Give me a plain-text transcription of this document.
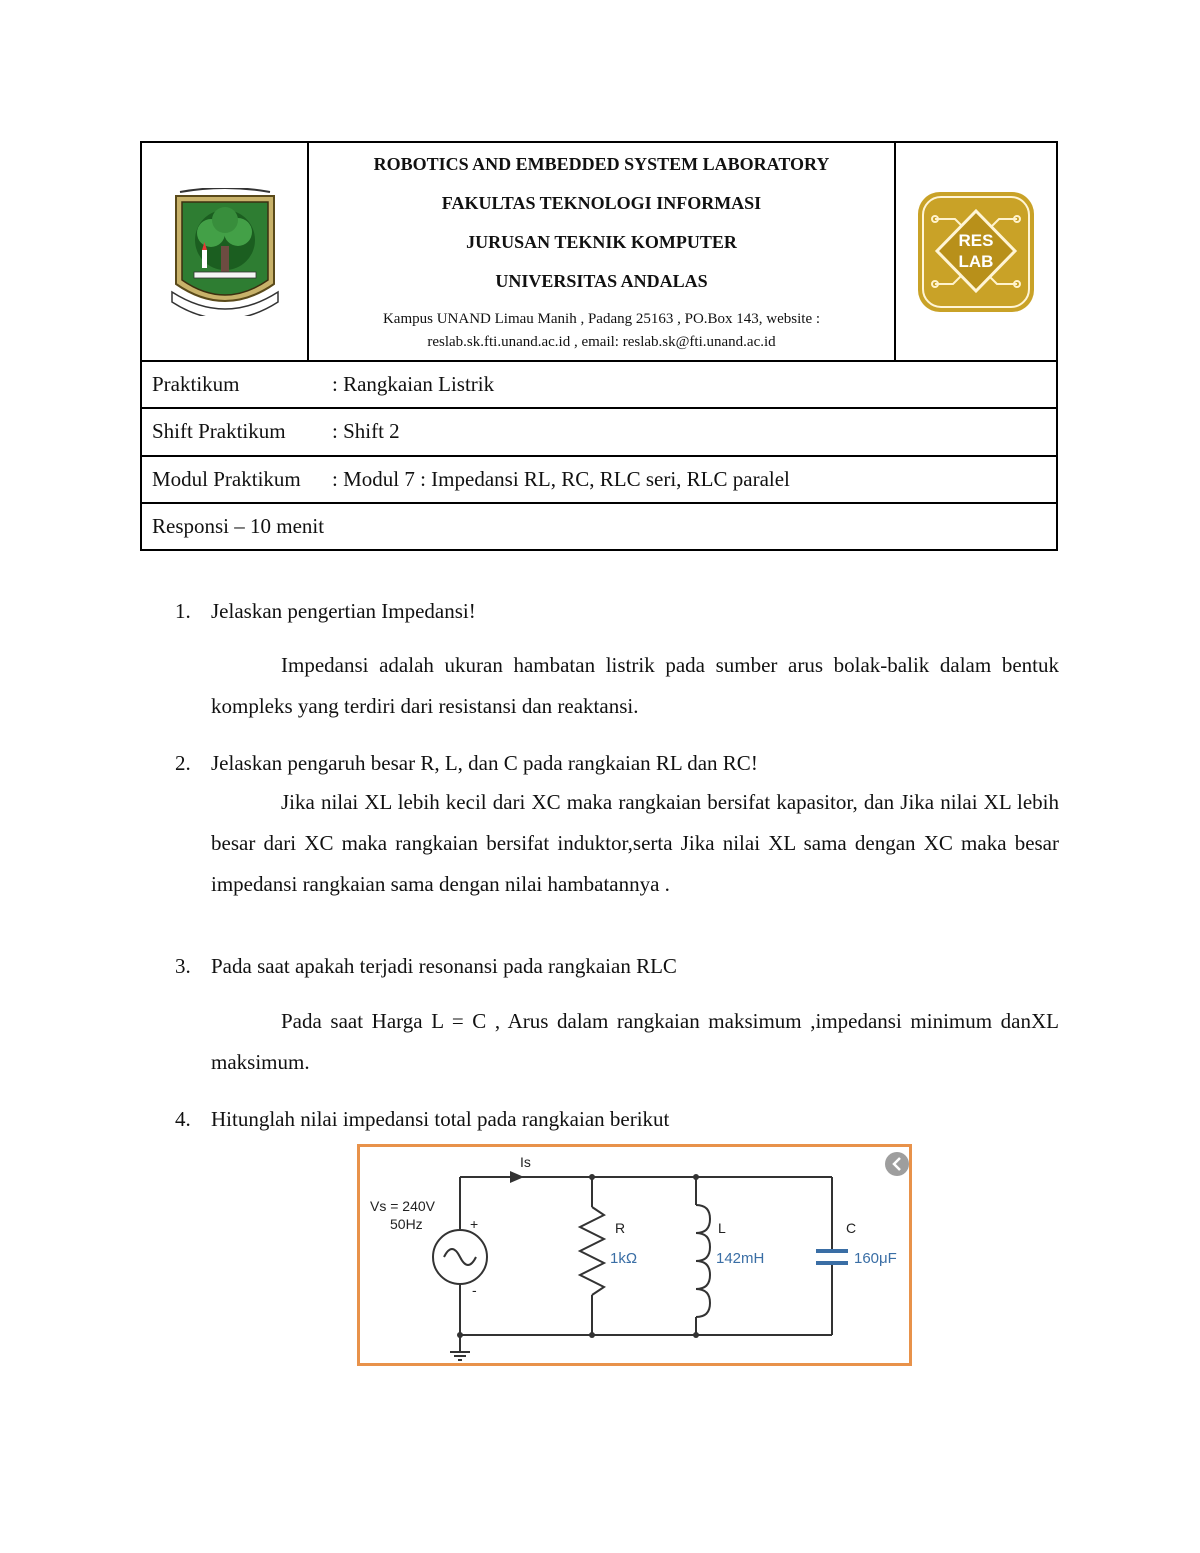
ROBOTICS AND EMBEDDED SYSTEM LABORATORY

FAKULTAS TEKNOLOGI INFORMASI

JURUSAN TEKNIK KOMPUTER

UNIVERSITAS ANDALAS

Kampus UNAND Limau Manih , Padang 25163 , PO.Box 143, website :
reslab.sk.fti.unand.ac.id , email: reslab.sk@fti.unand.ac.id

RES
LAB

Praktikum	: Rangkaian Listrik
Shift Praktikum : Shift 2
Modul Praktikum : Modul 7 : Impedansi RL, RC, RLC seri, RLC paralel
Responsi – 10 menit
1. Jelaskan pengertian Impedansi!
Impedansi adalah ukuran hambatan listrik pada sumber arus bolak-balik dalam bentuk kompleks yang terdiri dari resistansi dan reaktansi.
2. Jelaskan pengaruh besar R, L, dan C pada rangkaian RL dan RC!
Jika nilai XL lebih kecil dari XC maka rangkaian bersifat kapasitor, dan Jika nilai XL lebih besar dari XC maka rangkaian bersifat induktor,serta Jika nilai XL sama dengan XC maka besar impedansi rangkaian sama dengan nilai hambatannya .
3. Pada saat apakah terjadi resonansi pada rangkaian RLC
Pada saat Harga L = C , Arus dalam rangkaian maksimum ,impedansi minimum danXL maksimum.
4. Hitunglah nilai impedansi total pada rangkaian berikut
Is
Vs = 240V
50Hz	+
-
R	L	C
1kΩ	142mH	160μF
